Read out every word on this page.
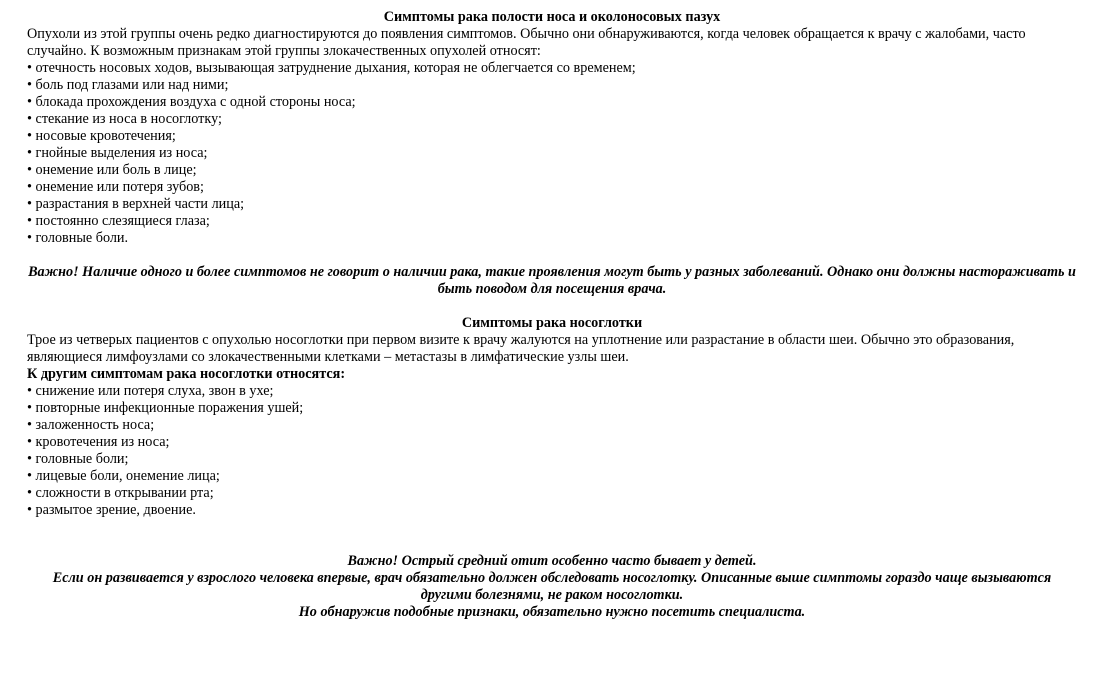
Симптомы рака полости носа и околоносовых пазух

Опухоли из этой группы очень редко диагностируются до появления симптомов. Обычно они обнаруживаются, когда человек обращается к врачу с жалобами, часто случайно. К возможным признакам этой группы злокачественных опухолей относят:

• отечность носовых ходов, вызывающая затруднение дыхания, которая не облегчается со временем;
• боль под глазами или над ними;
• блокада прохождения воздуха с одной стороны носа;
• стекание из носа в носоглотку;
• носовые кровотечения;
• гнойные выделения из носа;
• онемение или боль в лице;
• онемение или потеря зубов;
• разрастания в верхней части лица;
• постоянно слезящиеся глаза;
• головные боли.

Важно! Наличие одного и более симптомов не говорит о наличии рака, такие проявления могут быть у разных заболеваний. Однако они должны настораживать и быть поводом для посещения врача.

Симптомы рака носоглотки

Трое из четверых пациентов с опухолью носоглотки при первом визите к врачу жалуются на уплотнение или разрастание в области шеи. Обычно это образования, являющиеся лимфоузлами со злокачественными клетками – метастазы в лимфатические узлы шеи.

К другим симптомам рака носоглотки относятся:

• снижение или потеря слуха, звон в ухе;
• повторные инфекционные поражения ушей;
• заложенность носа;
• кровотечения из носа;
• головные боли;
• лицевые боли, онемение лица;
• сложности в открывании рта;
• размытое зрение, двоение.

Важно! Острый средний отит особенно часто бывает у детей.

Если он развивается у взрослого человека впервые, врач обязательно должен обследовать носоглотку. Описанные выше симптомы гораздо чаще вызываются другими болезнями, не раком носоглотки.

Но обнаружив подобные признаки, обязательно нужно посетить специалиста.
